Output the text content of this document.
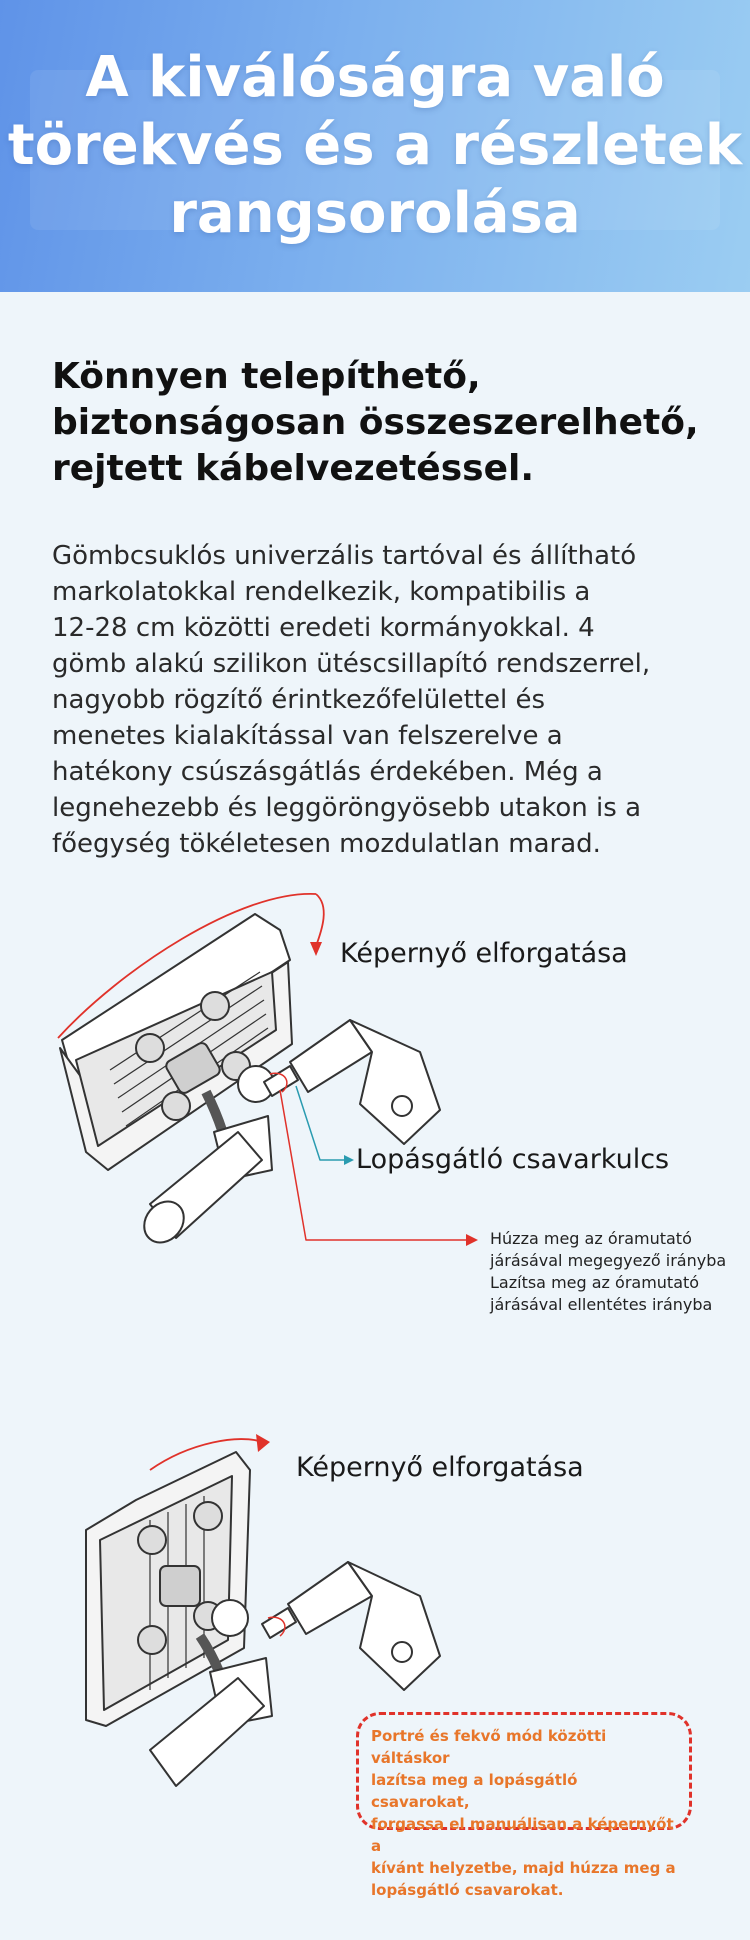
A kiválóságra való
törekvés és a részletek
rangsorolása
Könnyen telepíthető,
biztonságosan összeszerelhető,
rejtett kábelvezetéssel.

Gömbcsuklós univerzális tartóval és állítható
markolatokkal rendelkezik, kompatibilis a
12-28 cm közötti eredeti kormányokkal. 4
gömb alakú szilikon ütéscsillapító rendszerrel,
nagyobb rögzítő érintkezőfelülettel és
menetes kialakítással van felszerelve a
hatékony csúszásgátlás érdekében. Még a
legnehezebb és leggöröngyösebb utakon is a
főegység tökéletesen mozdulatlan marad.

Képernyő elforgatása
Lopásgátló csavarkulcs
Húzza meg az óramutató
járásával megegyező irányba
Lazítsa meg az óramutató
járásával ellentétes irányba
Képernyő elforgatása

Portré és fekvő mód közötti váltáskor
lazítsa meg a lopásgátló csavarokat,
forgassa el manuálisan a képernyőt a
kívánt helyzetbe, majd húzza meg a
lopásgátló csavarokat.
